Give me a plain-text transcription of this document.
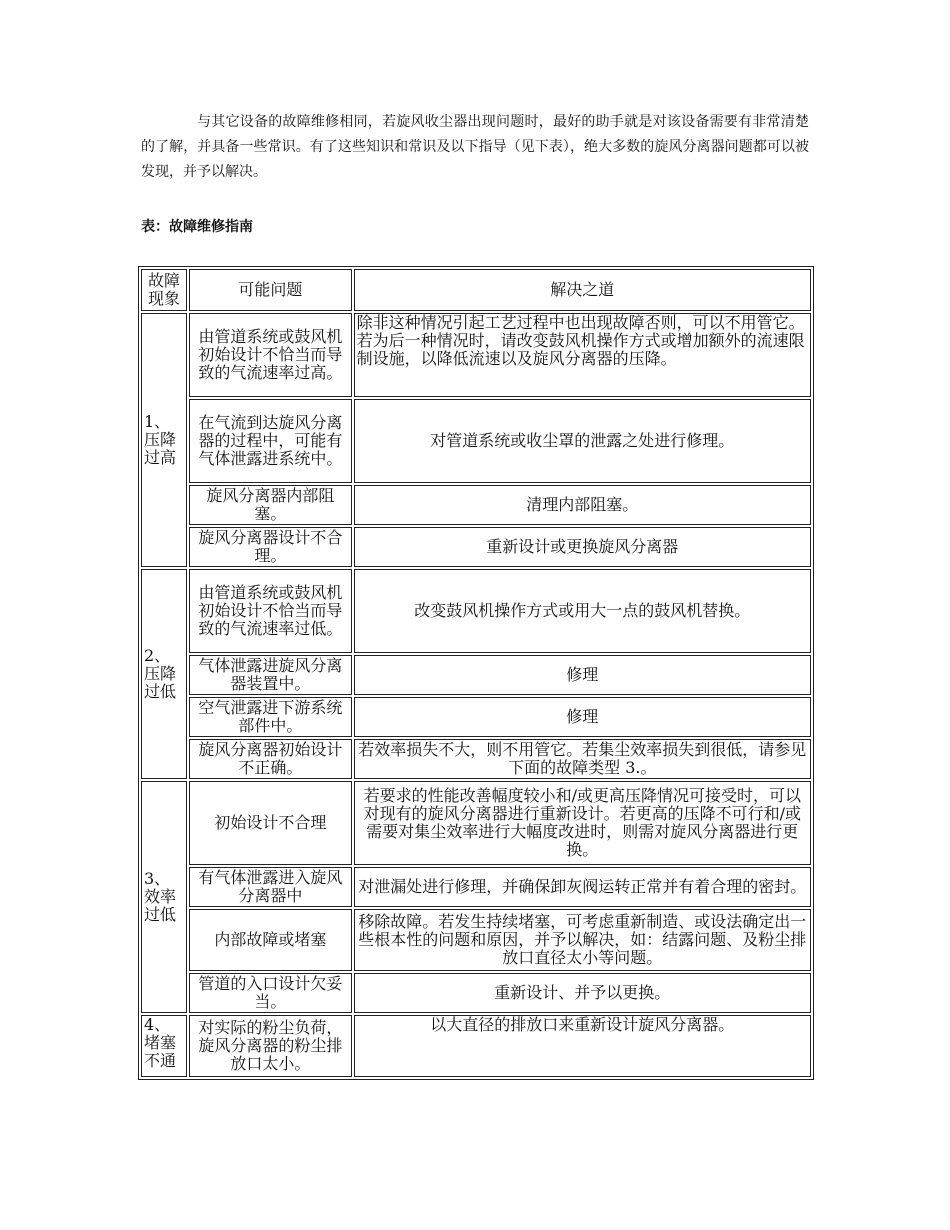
与其它设备的故障维修相同，若旋风收尘器出现问题时，最好的助手就是对该设备需要有非常清楚的了解，并具备一些常识。有了这些知识和常识及以下指导（见下表），绝大多数的旋风分离器问题都可以被发现，并予以解决。

表：故障维修指南

故障现象	可能问题	解决之道
1、压降过高	由管道系统或鼓风机初始设计不恰当而导致的气流速率过高。	除非这种情况引起工艺过程中也出现故障否则，可以不用管它。若为后一种情况时，请改变鼓风机操作方式或增加额外的流速限制设施，以降低流速以及旋风分离器的压降。
	在气流到达旋风分离器的过程中，可能有气体泄露进系统中。	对管道系统或收尘罩的泄露之处进行修理。
	旋风分离器内部阻塞。	清理内部阻塞。
	旋风分离器设计不合理。	重新设计或更换旋风分离器
2、压降过低	由管道系统或鼓风机初始设计不恰当而导致的气流速率过低。	改变鼓风机操作方式或用大一点的鼓风机替换。
	气体泄露进旋风分离器装置中。	修理
	空气泄露进下游系统部件中。	修理
	旋风分离器初始设计不正确。	若效率损失不大，则不用管它。若集尘效率损失到很低，请参见下面的故障类型 3.。
3、效率过低	初始设计不合理	若要求的性能改善幅度较小和/或更高压降情况可接受时，可以对现有的旋风分离器进行重新设计。若更高的压降不可行和/或需要对集尘效率进行大幅度改进时，则需对旋风分离器进行更换。
	有气体泄露进入旋风分离器中	对泄漏处进行修理，并确保卸灰阀运转正常并有着合理的密封。
	内部故障或堵塞	移除故障。若发生持续堵塞，可考虑重新制造、或设法确定出一些根本性的问题和原因，并予以解决，如：结露问题、及粉尘排放口直径太小等问题。
	管道的入口设计欠妥当。	重新设计、并予以更换。
4、堵塞不通	对实际的粉尘负荷，旋风分离器的粉尘排放口太小。	以大直径的排放口来重新设计旋风分离器。
